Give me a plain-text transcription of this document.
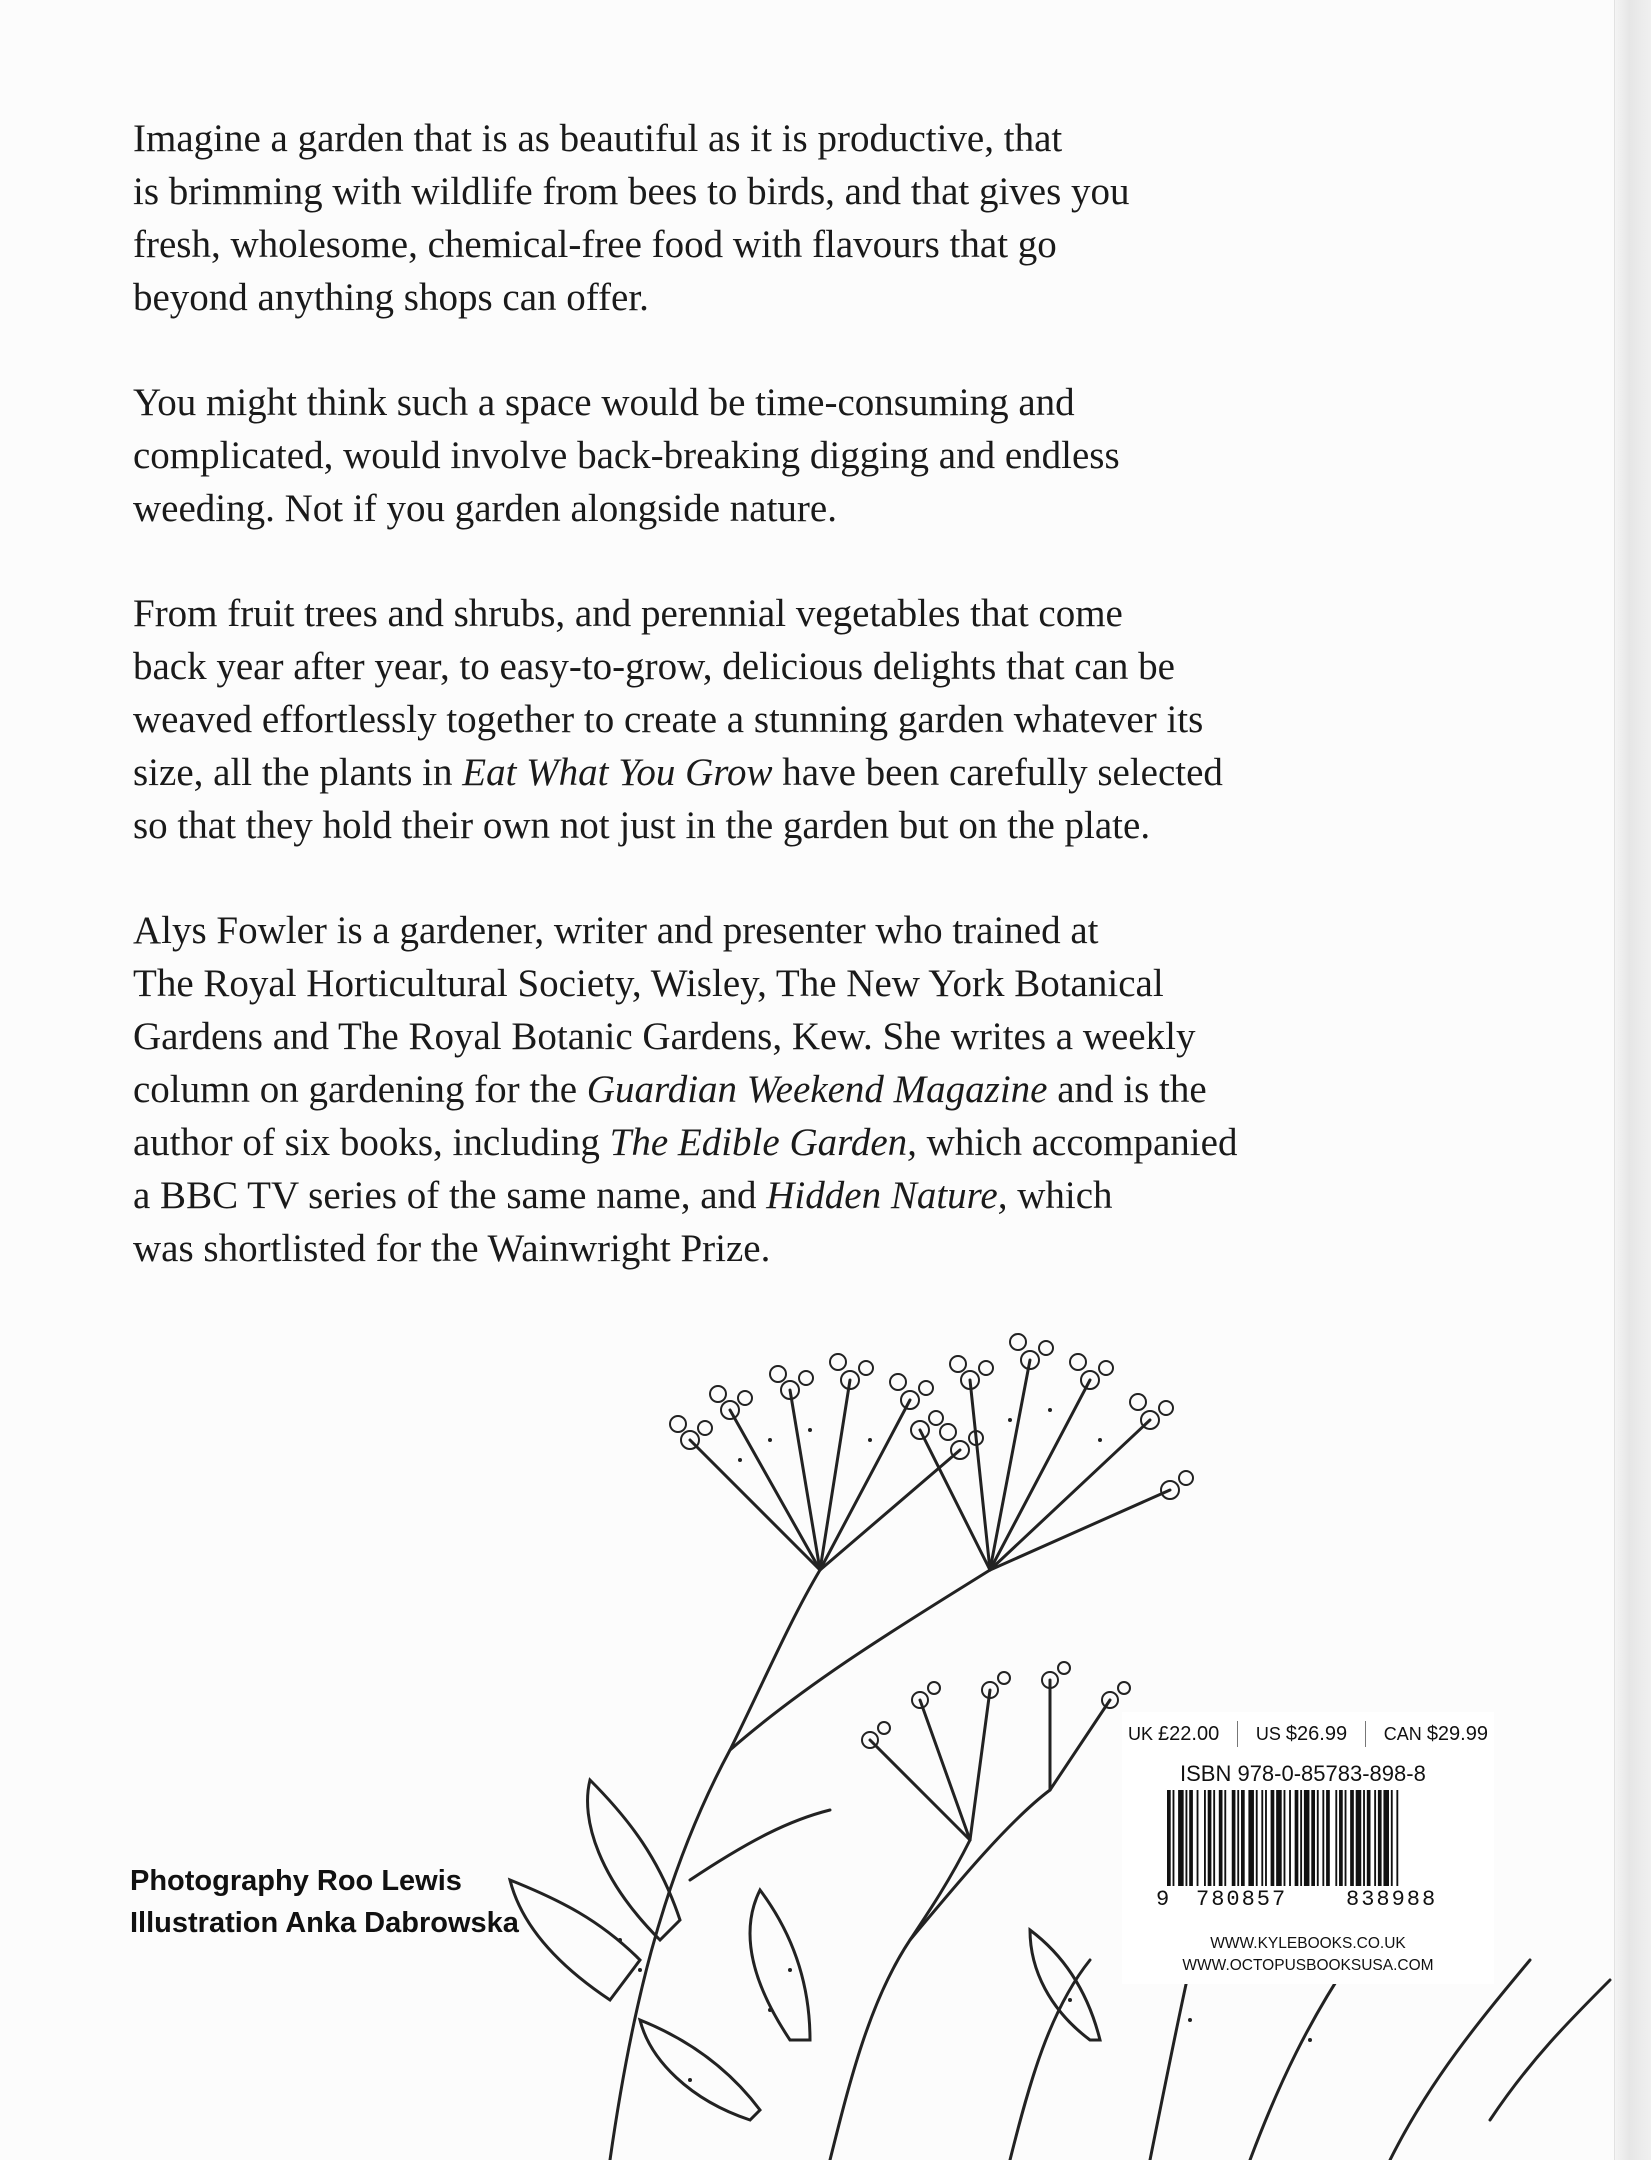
Imagine a garden that is as beautiful as it is productive, that
is brimming with wildlife from bees to birds, and that gives you
fresh, wholesome, chemical-free food with flavours that go
beyond anything shops can offer.

You might think such a space would be time-consuming and
complicated, would involve back-breaking digging and endless
weeding. Not if you garden alongside nature.

From fruit trees and shrubs, and perennial vegetables that come
back year after year, to easy-to-grow, delicious delights that can be
weaved effortlessly together to create a stunning garden whatever its
size, all the plants in Eat What You Grow have been carefully selected
so that they hold their own not just in the garden but on the plate.

Alys Fowler is a gardener, writer and presenter who trained at
The Royal Horticultural Society, Wisley, The New York Botanical
Gardens and The Royal Botanic Gardens, Kew. She writes a weekly
column on gardening for the Guardian Weekend Magazine and is the
author of six books, including The Edible Garden, which accompanied
a BBC TV series of the same name, and Hidden Nature, which
was shortlisted for the Wainwright Prize.

Photography Roo Lewis
Illustration Anka Dabrowska
UK £22.00 US $26.99 CAN $29.99
ISBN 978-0-85783-898-8
9 780857	838988
WWW.KYLEBOOKS.CO.UK
WWW.OCTOPUSBOOKSUSA.COM
